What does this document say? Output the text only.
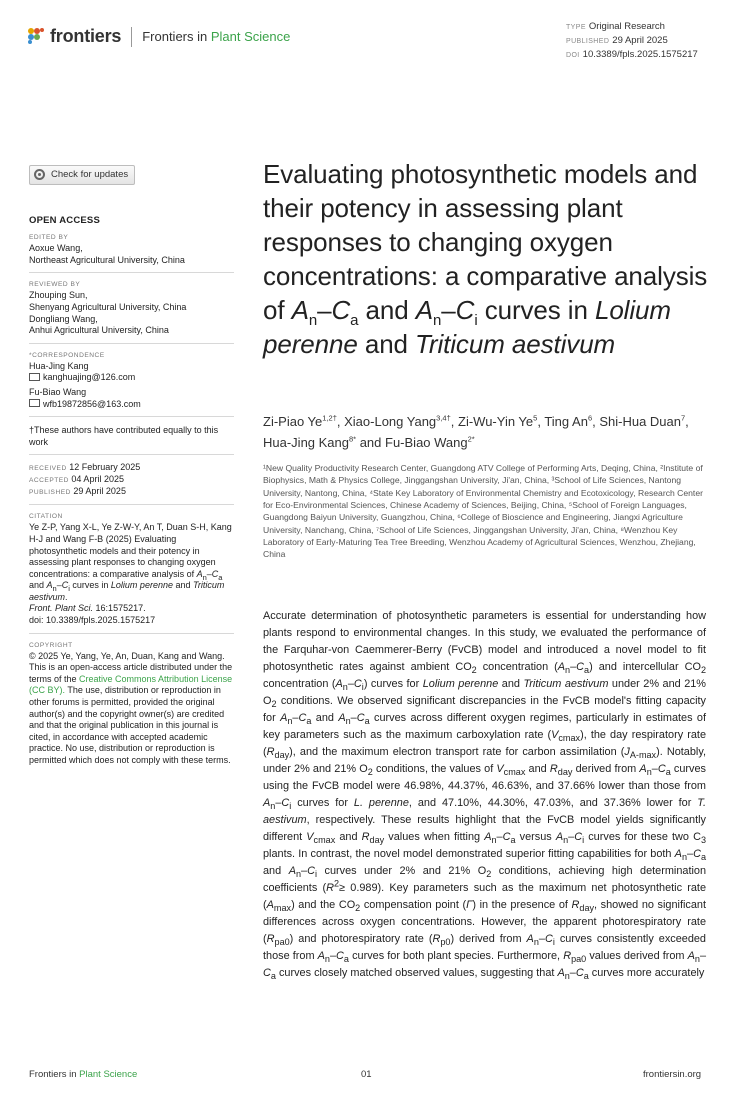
frontiers Frontiers in Plant Science
TYPE Original Research
PUBLISHED 29 April 2025
DOI 10.3389/fpls.2025.1575217
Check for updates
OPEN ACCESS
EDITED BY

Aoxue Wang,

Northeast Agricultural University, China

REVIEWED BY

Zhouping Sun,

Shenyang Agricultural University, China

Dongliang Wang,

Anhui Agricultural University, China

*CORRESPONDENCE

Hua-Jing Kang

kanghuajing@126.com

Fu-Biao Wang

wfb19872856@163.com

†These authors have contributed equally to this work

RECEIVED 12 February 2025

ACCEPTED 04 April 2025

PUBLISHED 29 April 2025

CITATION

Ye Z-P, Yang X-L, Ye Z-W-Y, An T, Duan S-H, Kang H-J and Wang F-B (2025) Evaluating photosynthetic models and their potency in assessing plant responses to changing oxygen concentrations: a comparative analysis of $A_n-C_a$ and $A_n-C_i$ curves in Lolium perenne and Triticum aestivum.
Front. Plant Sci. 16:1575217.
doi: 10.3389/fpls.2025.1575217

COPYRIGHT

© 2025 Ye, Yang, Ye, An, Duan, Kang and Wang. This is an open-access article distributed under the terms of the Creative Commons Attribution License (CC BY). The use, distribution or reproduction in other forums is permitted, provided the original author(s) and the copyright owner(s) are credited and that the original publication in this journal is cited, in accordance with accepted academic practice. No use, distribution or reproduction is permitted which does not comply with these terms.

Evaluating photosynthetic models and their potency in assessing plant responses to changing oxygen concentrations: a comparative analysis of $A_n-C_a$ and $A_n-C_i$ curves in Lolium perenne and Triticum aestivum
Zi-Piao $Ye^{1,2\dagger}$, Xiao-Long Yang$^{3,4\dagger}$, Zi-Wu-Yin Ye$^5$, Ting An$^6$, Shi-Hua Duan$^7$, Hua-Jing Kang$^{8*}$ and Fu-Biao Wang$^{2*}$
¹New Quality Productivity Research Center, Guangdong ATV College of Performing Arts, Deqing, China, ²Institute of Biophysics, Math & Physics College, Jinggangshan University, Ji'an, China, ³School of Life Sciences, Nantong University, Nantong, China, ⁴State Key Laboratory of Environmental Chemistry and Ecotoxicology, Research Center for Eco-Environmental Sciences, Chinese Academy of Sciences, Beijing, China, ⁵School of Foreign Languages, Guangdong Baiyun University, Guangzhou, China, ⁶College of Bioscience and Engineering, Jiangxi Agriculture University, Nanchang, China, ⁷School of Life Sciences, Jinggangshan University, Ji'an, China, ⁸Wenzhou Key Laboratory of Early-Maturing Tea Tree Breeding, Wenzhou Academy of Agricultural Sciences, Wenzhou, Zhejiang, China
Accurate determination of photosynthetic parameters is essential for understanding how plants respond to environmental changes. In this study, we evaluated the performance of the Farquhar-von Caemmerer-Berry (FvCB) model and introduced a novel model to fit photosynthetic rates against ambient $CO_2$ concentration $(A_n-C_a)$ and intercellular $CO_2$ concentration $(A_n-C_i)$ curves for Lolium perenne and Triticum aestivum under 2% and 21% $O_2$ conditions. We observed significant discrepancies in the FvCB model's fitting capacity for $A_n-C_a$ and $A_n-C_a$ curves across different oxygen regimes, particularly in estimates of key parameters such as the maximum carboxylation rate $(V_{cmax})$, the day respiratory rate $(R_{day})$, and the maximum electron transport rate for carbon assimilation $(J_{A-max})$. Notably, under 2% and 21% $O_2$ conditions, the values of $V_{cmax}$ and $R_{day}$ derived from $A_n-C_a$ curves using the FvCB model were 46.98%, 44.37%, 46.63%, and 37.66% lower than those from $A_n-C_i$ curves for L. perenne, and 47.10%, 44.30%, 47.03%, and 37.36% lower for T. aestivum, respectively. These results highlight that the FvCB model yields significantly different $V_{cmax}$ and $R_{day}$ values when fitting $A_n-C_a$ versus $A_n-C_i$ curves for these two $C_3$ plants. In contrast, the novel model demonstrated superior fitting capabilities for both $A_n-C_a$ and $A_n-C_i$ curves under 2% and 21% $O_2$ conditions, achieving high determination coefficients $(R^2\ge 0.989)$. Key parameters such as the maximum net photosynthetic rate $(A_{max})$ and the $CO_2$ compensation point (Γ) in the presence of $R_{day}$, showed no significant differences across oxygen concentrations. However, the apparent photorespiratory rate $(R_{pa0})$ and photorespiratory rate $(R_{p0})$ derived from $A_n-C_i$ curves consistently exceeded those from $A_n-C_a$ curves for both plant species. Furthermore, $R_{pa0}$ values derived from $A_n-C_a$ curves closely matched observed values, suggesting that $A_n-C_a$ curves more accurately
Frontiers in Plant Science	01	frontiersin.org
